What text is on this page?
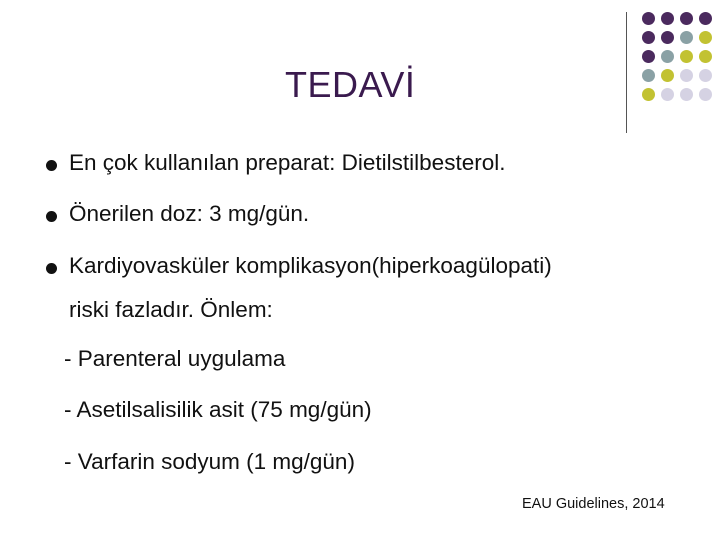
TEDAVİ
En çok kullanılan preparat: Dietilstilbesterol.
Önerilen doz: 3 mg/gün.
Kardiyovasküler komplikasyon(hiperkoagülopati)
riski fazladır. Önlem:
- Parenteral uygulama
- Asetilsalisilik asit (75 mg/gün)
- Varfarin sodyum (1 mg/gün)
EAU Guidelines, 2014
